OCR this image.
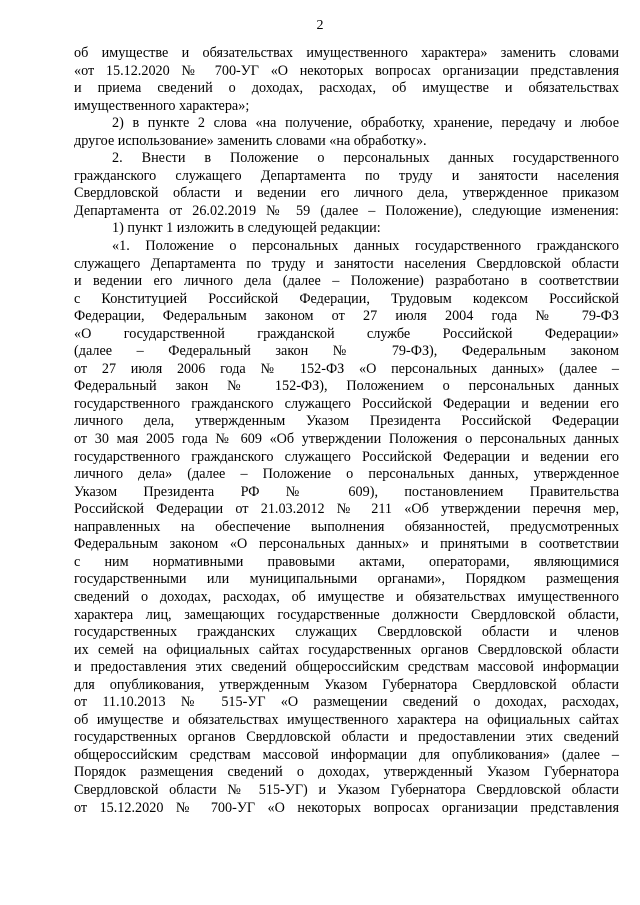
2
об имуществе и обязательствах имущественного характера» заменить словами
«от 15.12.2020 № 700-УГ «О некоторых вопросах организации представления
и приема сведений о доходах, расходах, об имуществе и обязательствах
имущественного характера»;
2) в пункте 2 слова «на получение, обработку, хранение, передачу и любое
другое использование» заменить словами «на обработку».
2. Внести в Положение о персональных данных государственного
гражданского служащего Департамента по труду и занятости населения
Свердловской области и ведении его личного дела, утвержденное приказом
Департамента от 26.02.2019 № 59 (далее – Положение), следующие изменения:
1) пункт 1 изложить в следующей редакции:
«1. Положение о персональных данных государственного гражданского
служащего Департамента по труду и занятости населения Свердловской области
и ведении его личного дела (далее – Положение) разработано в соответствии
с Конституцией Российской Федерации, Трудовым кодексом Российской
Федерации, Федеральным законом от 27 июля 2004 года № 79-ФЗ
«О государственной гражданской службе Российской Федерации»
(далее – Федеральный закон № 79-ФЗ), Федеральным законом
от 27 июля 2006 года № 152-ФЗ «О персональных данных» (далее –
Федеральный закон № 152-ФЗ), Положением о персональных данных
государственного гражданского служащего Российской Федерации и ведении его
личного дела, утвержденным Указом Президента Российской Федерации
от 30 мая 2005 года № 609 «Об утверждении Положения о персональных данных
государственного гражданского служащего Российской Федерации и ведении его
личного дела» (далее – Положение о персональных данных, утвержденное
Указом Президента РФ № 609), постановлением Правительства
Российской Федерации от 21.03.2012 № 211 «Об утверждении перечня мер,
направленных на обеспечение выполнения обязанностей, предусмотренных
Федеральным законом «О персональных данных» и принятыми в соответствии
с ним нормативными правовыми актами, операторами, являющимися
государственными или муниципальными органами», Порядком размещения
сведений о доходах, расходах, об имуществе и обязательствах имущественного
характера лиц, замещающих государственные должности Свердловской области,
государственных гражданских служащих Свердловской области и членов
их семей на официальных сайтах государственных органов Свердловской области
и предоставления этих сведений общероссийским средствам массовой информации
для опубликования, утвержденным Указом Губернатора Свердловской области
от 11.10.2013 № 515-УГ «О размещении сведений о доходах, расходах,
об имуществе и обязательствах имущественного характера на официальных сайтах
государственных органов Свердловской области и предоставлении этих сведений
общероссийским средствам массовой информации для опубликования» (далее –
Порядок размещения сведений о доходах, утвержденный Указом Губернатора
Свердловской области № 515-УГ) и Указом Губернатора Свердловской области
от 15.12.2020 № 700-УГ «О некоторых вопросах организации представления
